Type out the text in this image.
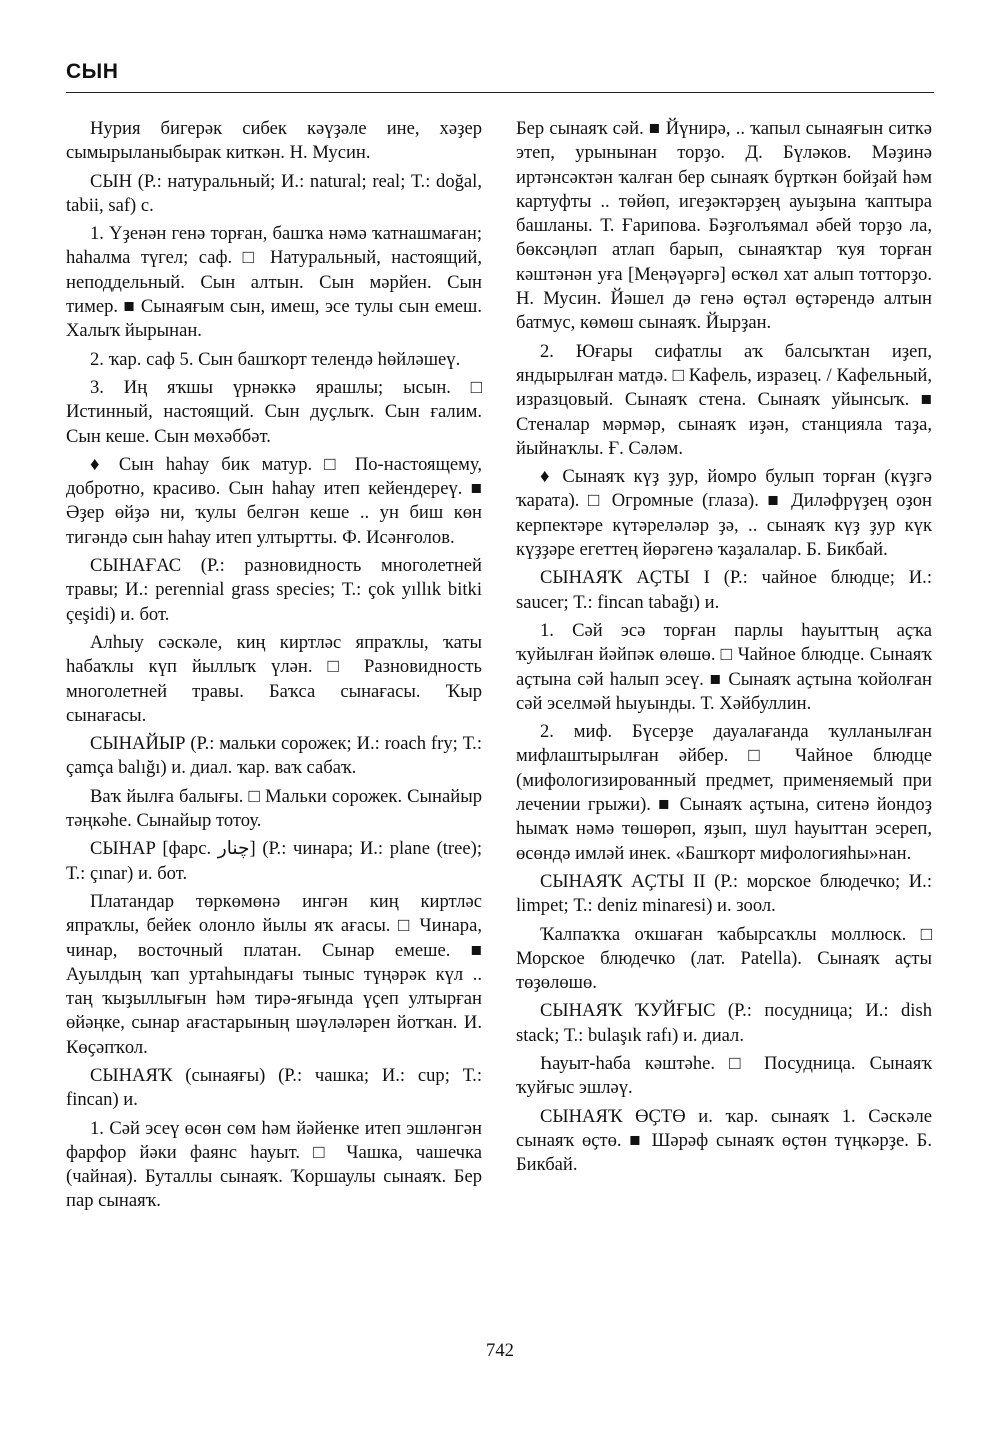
СЫН

Нурия бигерәк сибек кәүҙәле ине, хәҙер сымырыланыбырак киткән. Н. Мусин.

СЫН (Р.: натуральный; И.: natural; real; Т.: doğal, tabii, saf) с.

1. Үҙенән генә торған, башҡа нәмә ҡатнашмаған; һаһалма түгел; саф. □ Натуральный, настоящий, неподдельный. Сын алтын. Сын мәрйен. Сын тимер. ■ Сынаяғым сын, имеш, эсе тулы сын емеш. Халыҡ йырынан.

2. ҡар. саф 5. Сын башҡорт телендә һөйләшеү.

3. Иң яҡшы үрнәккә ярашлы; ысын. □ Истинный, настоящий. Сын дуҫлыҡ. Сын ғалим. Сын кеше. Сын мөхәббәт.

♦ Сын һаһау бик матур. □ По-настоящему, добротно, красиво. Сын һаһау итеп кейендереү. ■ Әҙер өйҙә ни, ҡулы белгән кеше .. ун биш көн тигәндә сын һаһау итеп ултыртты. Ф. Исәнғолов.

СЫНАҒАС (Р.: разновидность многолетней травы; И.: perennial grass species; Т.: çok yıllık bitki çeşidi) и. бот.

Алһыу сәскәле, киң киртләс япраҡлы, ҡаты һабаҡлы күп йыллыҡ үлән. □ Разновидность многолетней травы. Баҡса сынағасы. Ҡыр сынағасы.

СЫНАЙЫР (Р.: мальки сорожек; И.: roach fry; Т.: çamça balığı) и. диал. ҡар. ваҡ сабаҡ.

Ваҡ йылға балығы. □ Мальки сорожек. Сынайыр тәңкәһе. Сынайыр тотоу.

СЫНАР [фарс. چنار] (Р.: чинара; И.: plane (tree); Т.: çınar) и. бот.

Платандар төркөмөнә ингән киң киртләс япраҡлы, бейек олонло йылы яҡ ағасы. □ Чинара, чинар, восточный платан. Сынар емеше. ■ Ауылдың ҡап уртаһындағы тыныс түңәрәк күл .. таң ҡыҙыллығын һәм тирә-яғында үҫеп ултырған өйәңке, сынар ағастарының шәүләләрен йотҡан. И. Көҫәпҡол.

СЫНАЯҠ (сынаяғы) (Р.: чашка; И.: cup; Т.: fincan) и.

1. Сәй эсеү өсөн сөм һәм йәйенке итеп эшләнгән фарфор йәки фаянс һауыт. □ Чашка, чашечка (чайная). Буталлы сынаяҡ. Ҡоршаулы сынаяҡ. Бер пар сынаяҡ.

Бер сынаяҡ сәй. ■ Йүнирә, .. ҡапыл сынаяғын ситкә этеп, урынынан торҙо. Д. Бүләков. Мәҙинә иртәнсәктән ҡалған бер сынаяҡ бүрткән бойҙай һәм картуфты .. төйөп, игеҙәктәрҙең ауыҙына ҡаптыра башланы. Т. Ғарипова. Бәҙғолъямал әбей торҙо ла, бөксәңләп атлап барып, сынаяҡтар ҡуя торған кәштәнән уға [Меңәүәргә] өсҡөл хат алып тотторҙо. Н. Мусин. Йәшел дә генә өҫтәл өҫтәрендә алтын батмус, көмөш сынаяҡ. Йырҙан.

2. Юғары сифатлы аҡ балсыҡтан иҙеп, яндырылған матдә. □ Кафель, изразец. / Кафельный, изразцовый. Сынаяҡ стена. Сынаяҡ уйынсыҡ. ■ Стеналар мәрмәр, сынаяҡ иҙән, станцияла таҙа, йыйнаҡлы. Ғ. Сәләм.

♦ Сынаяҡ күҙ ҙур, йомро булып торған (күҙгә ҡарата). □ Огромные (глаза). ■ Диләфрүҙең оҙон керпектәре күтәреләләр ҙә, .. сынаяҡ күҙ ҙур күк күҙҙәре егеттең йөрәгенә ҡаҙалалар. Б. Бикбай.

СЫНАЯҠ АҪТЫ I (Р.: чайное блюдце; И.: saucer; Т.: fincan tabağı) и.

1. Сәй эсә торған парлы һауыттың аҫҡа ҡуйылған йәйпәк өлөшө. □ Чайное блюдце. Сынаяҡ аҫтына сәй һалып эсеү. ■ Сынаяҡ аҫтына ҡойолған сәй эселмәй һыуынды. Т. Хәйбуллин.

2. миф. Бүсерҙе дауалағанда ҡулланылған мифлаштырылған әйбер. □ Чайное блюдце (мифологизированный предмет, применяемый при лечении грыжи). ■ Сынаяҡ аҫтына, ситенә йондоҙ һымаҡ нәмә төшөрөп, яҙып, шул һауыттан эсереп, өсөндә имләй инек. «Башҡорт мифологияһы»нан.

СЫНАЯҠ АҪТЫ II (Р.: морское блюдечко; И.: limpet; Т.: deniz minaresi) и. зоол.

Ҡалпаҡҡа оҡшаған ҡабырсаҡлы моллюск. □ Морское блюдечко (лат. Patella). Сынаяҡ аҫты төҙөлөшө.

СЫНАЯҠ ҠУЙҒЫС (Р.: посудница; И.: dish stack; Т.: bulaşık rafı) и. диал.

Һауыт-һаба кәштәһе. □ Посудница. Сынаяҡ ҡуйғыс эшләү.

СЫНАЯҠ ӨҪТӨ и. ҡар. сынаяҡ 1. Сәскәле сынаяҡ өҫтө. ■ Шәрәф сынаяҡ өҫтөн түңкәрҙе. Б. Бикбай.

742
